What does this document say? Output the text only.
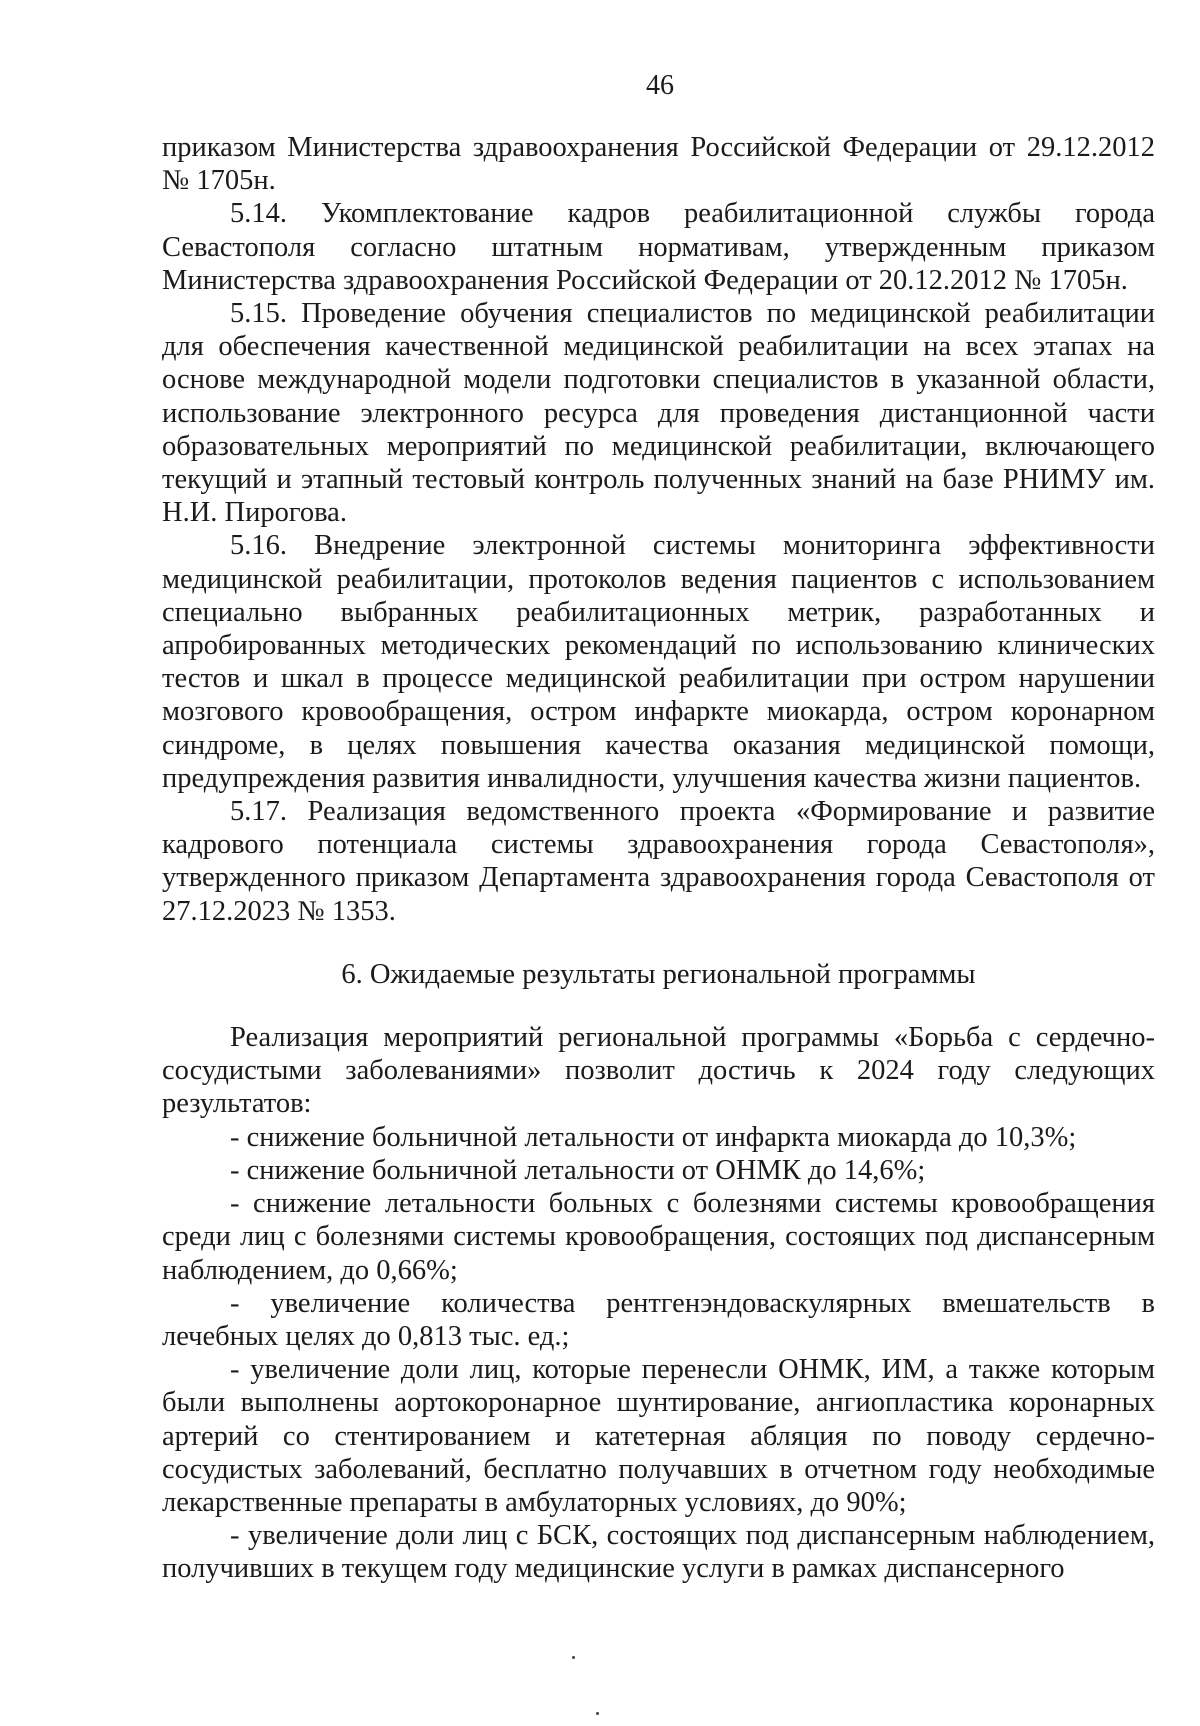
46

приказом Министерства здравоохранения Российской Федерации от 29.12.2012 № 1705н.

5.14. Укомплектование кадров реабилитационной службы города Севастополя согласно штатным нормативам, утвержденным приказом Министерства здравоохранения Российской Федерации от 20.12.2012 № 1705н.

5.15. Проведение обучения специалистов по медицинской реабилитации для обеспечения качественной медицинской реабилитации на всех этапах на основе международной модели подготовки специалистов в указанной области, использование электронного ресурса для проведения дистанционной части образовательных мероприятий по медицинской реабилитации, включающего текущий и этапный тестовый контроль полученных знаний на базе РНИМУ им. Н.И. Пирогова.

5.16. Внедрение электронной системы мониторинга эффективности медицинской реабилитации, протоколов ведения пациентов с использованием специально выбранных реабилитационных метрик, разработанных и апробированных методических рекомендаций по использованию клинических тестов и шкал в процессе медицинской реабилитации при остром нарушении мозгового кровообращения, остром инфаркте миокарда, остром коронарном синдроме, в целях повышения качества оказания медицинской помощи, предупреждения развития инвалидности, улучшения качества жизни пациентов.

5.17. Реализация ведомственного проекта «Формирование и развитие кадрового потенциала системы здравоохранения города Севастополя», утвержденного приказом Департамента здравоохранения города Севастополя от 27.12.2023 № 1353.

6. Ожидаемые результаты региональной программы

Реализация мероприятий региональной программы «Борьба с сердечно-сосудистыми заболеваниями» позволит достичь к 2024 году следующих результатов:

- снижение больничной летальности от инфаркта миокарда до 10,3%;

- снижение больничной летальности от ОНМК до 14,6%;

- снижение летальности больных с болезнями системы кровообращения среди лиц с болезнями системы кровообращения, состоящих под диспансерным наблюдением, до 0,66%;

- увеличение количества рентгенэндоваскулярных вмешательств в лечебных целях до 0,813 тыс. ед.;

- увеличение доли лиц, которые перенесли ОНМК, ИМ, а также которым были выполнены аортокоронарное шунтирование, ангиопластика коронарных артерий со стентированием и катетерная абляция по поводу сердечно-сосудистых заболеваний, бесплатно получавших в отчетном году необходимые лекарственные препараты в амбулаторных условиях, до 90%;

- увеличение доли лиц с БСК, состоящих под диспансерным наблюдением, получивших в текущем году медицинские услуги в рамках диспансерного
